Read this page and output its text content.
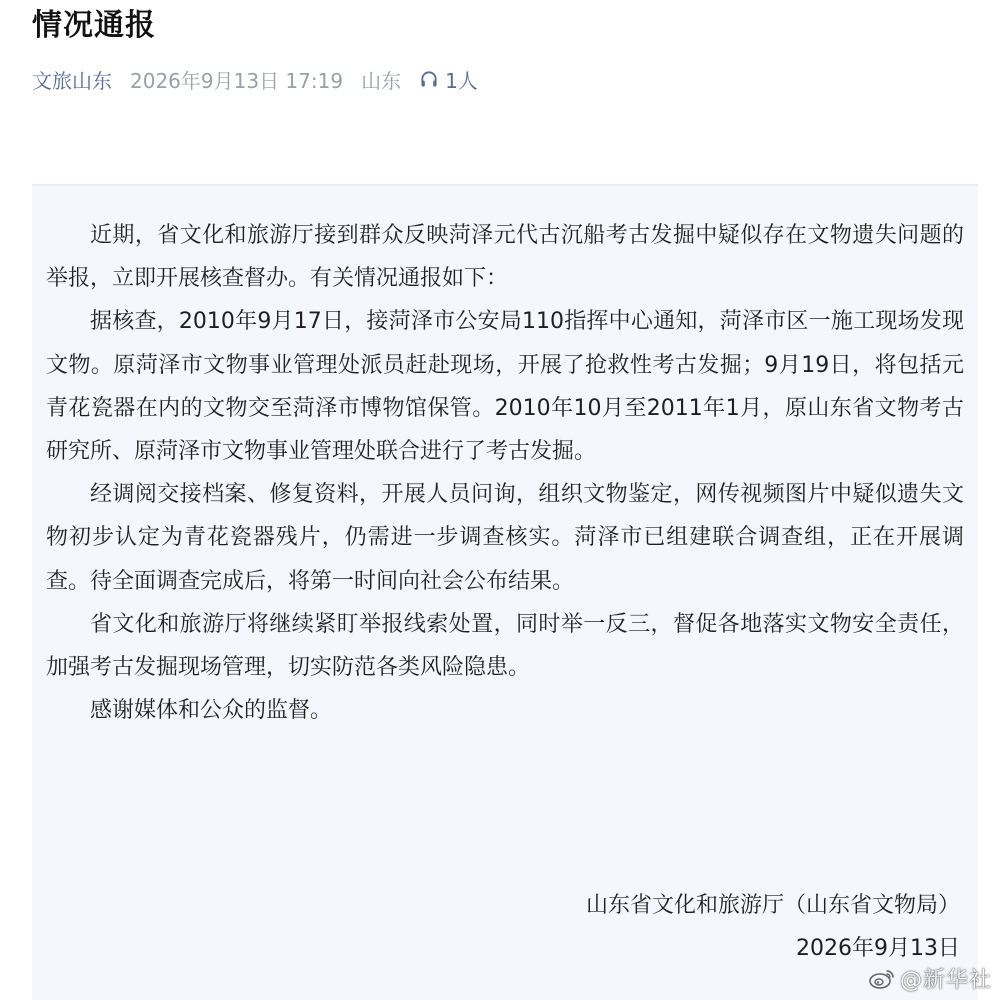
情况通报
文旅山东 2026年9月13日 17:19 山东 1人

近期，省文化和旅游厅接到群众反映菏泽元代古沉船考古发掘中疑似存在文物遗失问题的举报，立即开展核查督办。有关情况通报如下：

据核查，2010年9月17日，接菏泽市公安局110指挥中心通知，菏泽市区一施工现场发现文物。原菏泽市文物事业管理处派员赶赴现场，开展了抢救性考古发掘；9月19日，将包括元青花瓷器在内的文物交至菏泽市博物馆保管。2010年10月至2011年1月，原山东省文物考古研究所、原菏泽市文物事业管理处联合进行了考古发掘。

经调阅交接档案、修复资料，开展人员问询，组织文物鉴定，网传视频图片中疑似遗失文物初步认定为青花瓷器残片，仍需进一步调查核实。菏泽市已组建联合调查组，正在开展调查。待全面调查完成后，将第一时间向社会公布结果。

省文化和旅游厅将继续紧盯举报线索处置，同时举一反三，督促各地落实文物安全责任，加强考古发掘现场管理，切实防范各类风险隐患。

感谢媒体和公众的监督。

山东省文化和旅游厅（山东省文物局）
2026年9月13日
@新华社
